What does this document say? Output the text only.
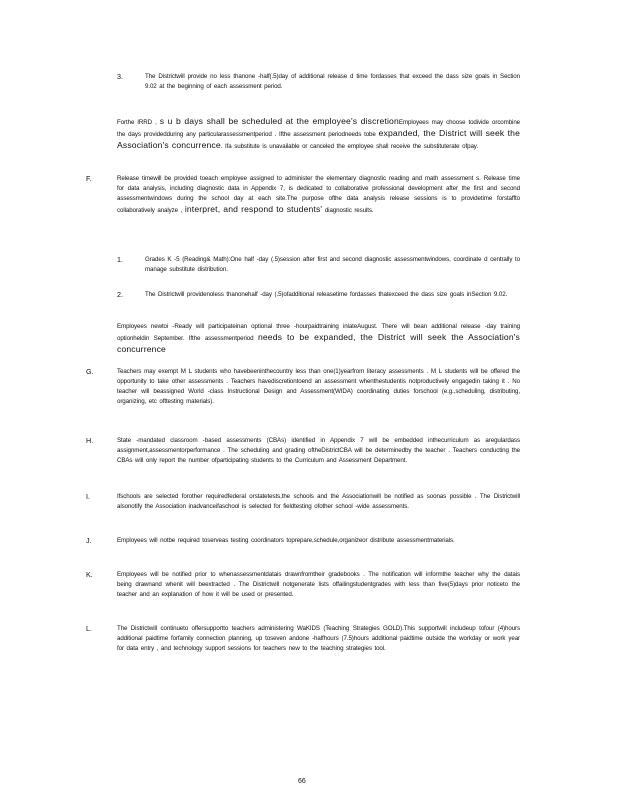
3.	The Districtwill provide no less thanone -half(.5)day of additional release d time fordasses that exceed the dass size goals in Section 9.02 at the beginning of each assessment period.
Forthe IRRD , s u b days shall be scheduled at the employee's discretionEmployees may choose todivide orcombine the days providedduring any particularassessmentperiod . Ifthe assessment periodneeds tobe expanded, the District will seek the Association's concurrence. Ifa substitute is unavailable or canceled the employee shall receive the substituterate ofpay.
F.	Release timewill be provided toeach employee assigned to administer the elementary diagnostic reading and math assessment s. Release time for data analysis, including diagnostic data in Appendix 7, is dedicated to collaborative professional development after the first and second assessmentwindows during the school day at each site.The purpose ofthe data analysis release sessions is to providetime forstaffto collaboratively analyze , interpret, and respond to students' diagnostic results.
1.	Grades K -5 (Reading& Math):One half -day (.5)session after first and second diagnostic assessmentwindows, coordinate d centrally to manage substitute distribution.
2.	The Districtwill providenoless thanonehalf -day (.5)ofadditional releasetime fordasses thatexceed the dass size goals inSection 9.02.
Employees newtoi -Ready will participateinan optional three -hourpaidtraining inlateAugust. There will bean additional release -day training optionheldin September. Ifthe assessmentperiod needs to be expanded, the District will seek the Association's concurrence
G.	Teachers may exempt M L students who havebeeninthecountry less than one(1)yearfrom literacy assessments . M L students will be offered the opportunity to take other assessments . Teachers havediscretiontoend an assessment whenthestudentis notproductively engagedin taking it . No teacher will beassigned World -class Instructional Design and Assessment(WIDA) coordinating duties forschool (e.g.,scheduling, distributing, organizing, etc ofttesting materials).
H.	State -mandated classroom -based assessments (CBAs) identified in Appendix 7 will be embedded inthecurriculum as aregulardass assignment,assessmentorperformance . The scheduling and grading oftheDistrictCBA will be determinedby the teacher . Teachers conducting the CBAs will only report the number ofparticipating students to the Curriculum and Assessment Department.
I.	Ifschools are selected forother requiredfederal orstatetests,the schools and the Associationwill be notified as soonas possible . The Districtwill alsonotify the Association inadvanceifaschool is selected for fieldtesting ofother school -wide assessments.
J.	Employees will notbe required toserveas testing coordinators toprepare,schedule,organizeor distribute assessmentmaterials.
K.	Employees will be notified prior to whenassessmentdatais drawnfromtheir gradebooks . The notification will informthe teacher why the datais being drawnand whenit will beextracted . The Districtwill notgenerate lists offailingstudentgrades with less than five(5)days prior noticeto the teacher and an explanation of how it will be used or presented.
L.	The Districtwill continueto offersupportto teachers administering WaKIDS (Teaching Strategies GOLD).This supportwill includeup tofour (4)hours additional paidtime forfamily connection planning, up toseven andone -halfhours (7.5)hours additional paidtime outside the workday or work year for data entry , and technology support sessions for teachers new to the teaching strategies tool.
66
